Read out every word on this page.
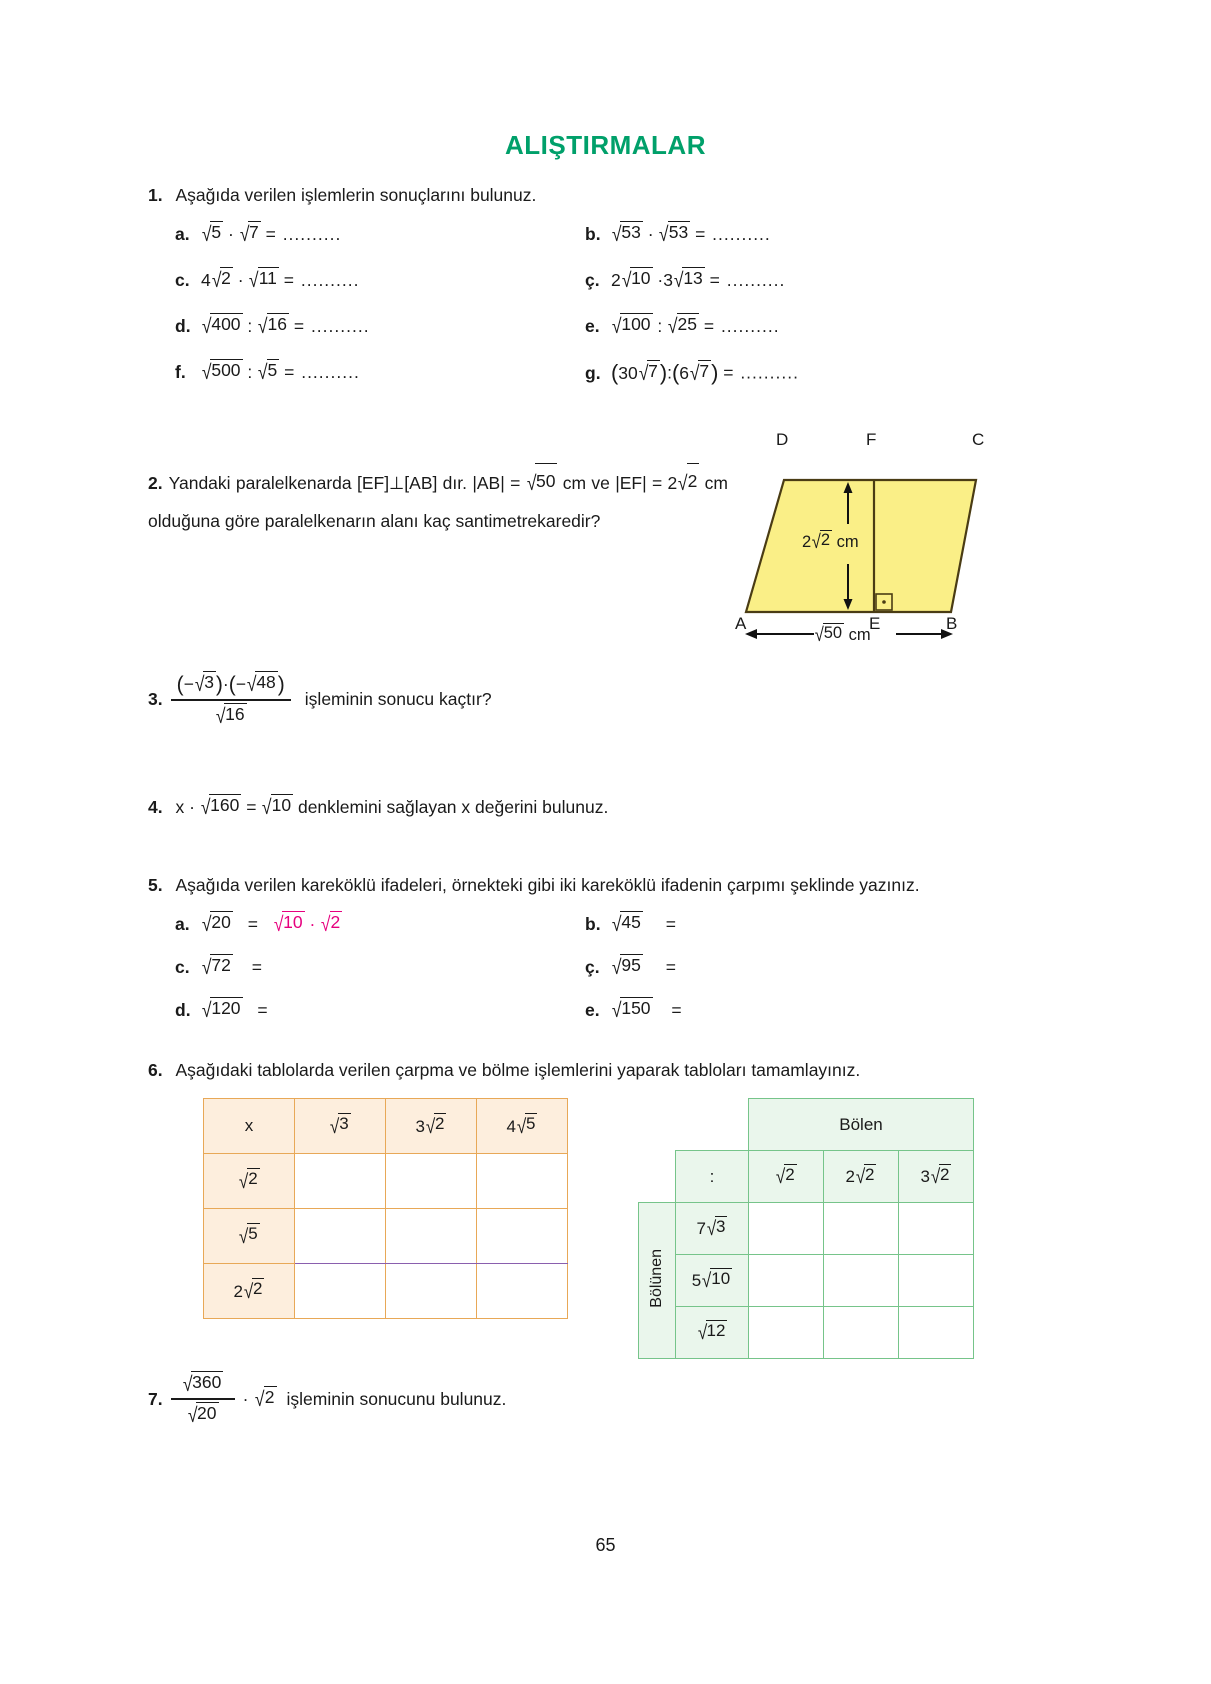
ALIŞTIRMALAR
1. Aşağıda verilen işlemlerin sonuçlarını bulunuz.
a. √5 · √7 = ..........	b. √53 · √53 = ..........
c. 4√2 · √11 = ..........	ç. 2√10 ·3√13 = ..........
d. √400 : √16 = ..........	e. √100 : √25 = ..........
f. √500 : √5 = ..........	g. (30√7):(6√7) = ..........
2. Yandaki paralelkenarda [EF]⊥[AB] dır. |AB| = √50 cm ve |EF| = 2√2 cm olduğuna göre paralelkenarın alanı kaç santimetrekaredir?
D	F	C
A	E	B
2√2 cm
√50 cm
3. $\frac{(-√3)\cdot(-√48)}{√16}$ işleminin sonucu kaçtır?
4. x · √160 = √10 denklemini sağlayan x değerini bulunuz.
5. Aşağıda verilen kareköklü ifadeleri, örnekteki gibi iki kareköklü ifadenin çarpımı şeklinde yazınız.
a. √20 = √10 · √2	b. √45 =
c. √72 =	ç. √95 =
d. √120 =	e. √150 =
6. Aşağıdaki tablolarda verilen çarpma ve bölme işlemlerini yaparak tabloları tamamlayınız.
x	√3	3√2	4√5
√2			
√5			
2√2			
		Bölen		
	:	√2	2√2	3√2
Bölünen	7√3			
	5√10			
	√12			
7. $\frac{√360}{√20} \cdot √2$ işleminin sonucunu bulunuz.
65
